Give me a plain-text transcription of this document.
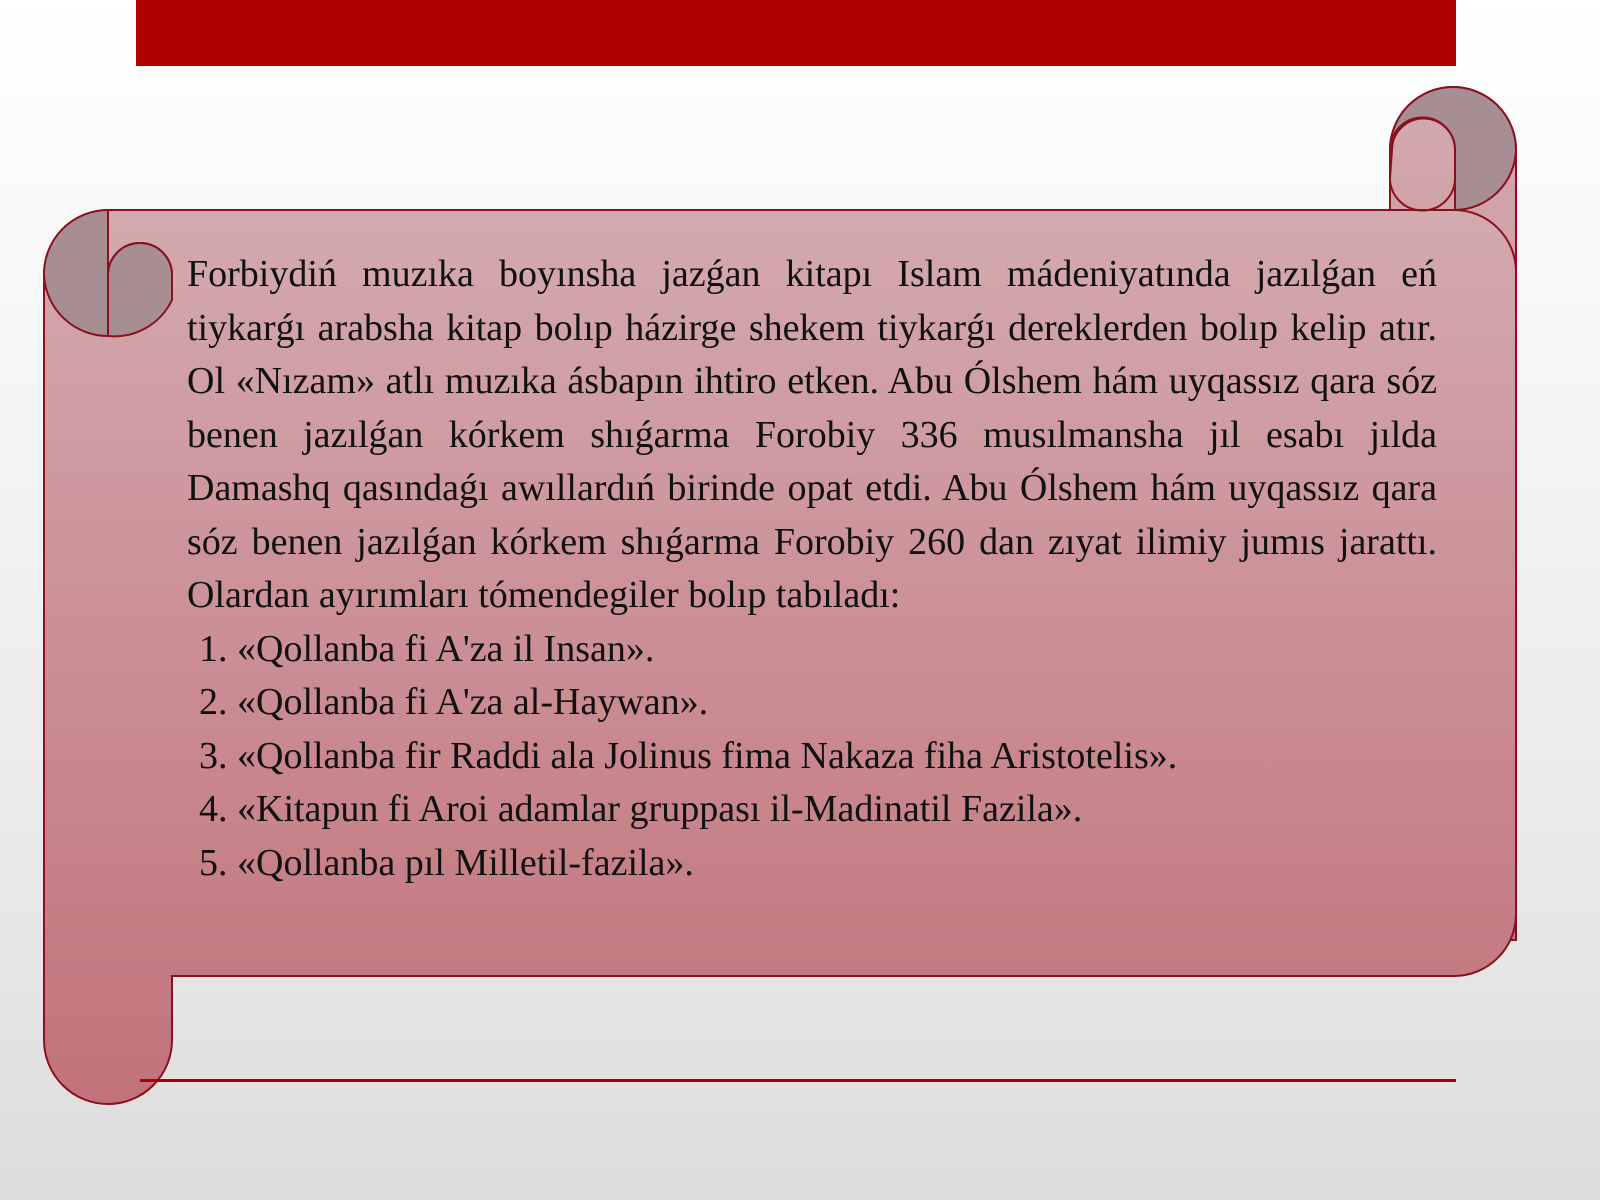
Forbiydiń muzıka boyınsha jazǵan kitapı Islam mádeniyatında jazılǵan eń tiykarǵı arabsha kitap bolıp házirge shekem tiykarǵı dereklerden bolıp kelip atır. Ol «Nızam» atlı muzıka ásbapın ihtiro etken. Abu Ólshem hám uyqassız qara sóz benen jazılǵan kórkem shıǵarma Forobiy 336 musılmansha jıl esabı jılda Damashq qasındaǵı awıllardıń birinde opat etdi. Abu Ólshem hám uyqassız qara sóz benen jazılǵan kórkem shıǵarma Forobiy 260 dan zıyat ilimiy jumıs jarattı. Olardan ayırımları tómendegiler bolıp tabıladı:

1. «Qollanba fi A'za il Insan».
2. «Qollanba fi A'za al-Haywan».
3. «Qollanba fir Raddi ala Jolinus fima Nakaza fiha Aristotelis».
4. «Kitapun fi Aroi adamlar gruppası il-Madinatil Fazila».
5. «Qollanba pıl Milletil-fazila».
